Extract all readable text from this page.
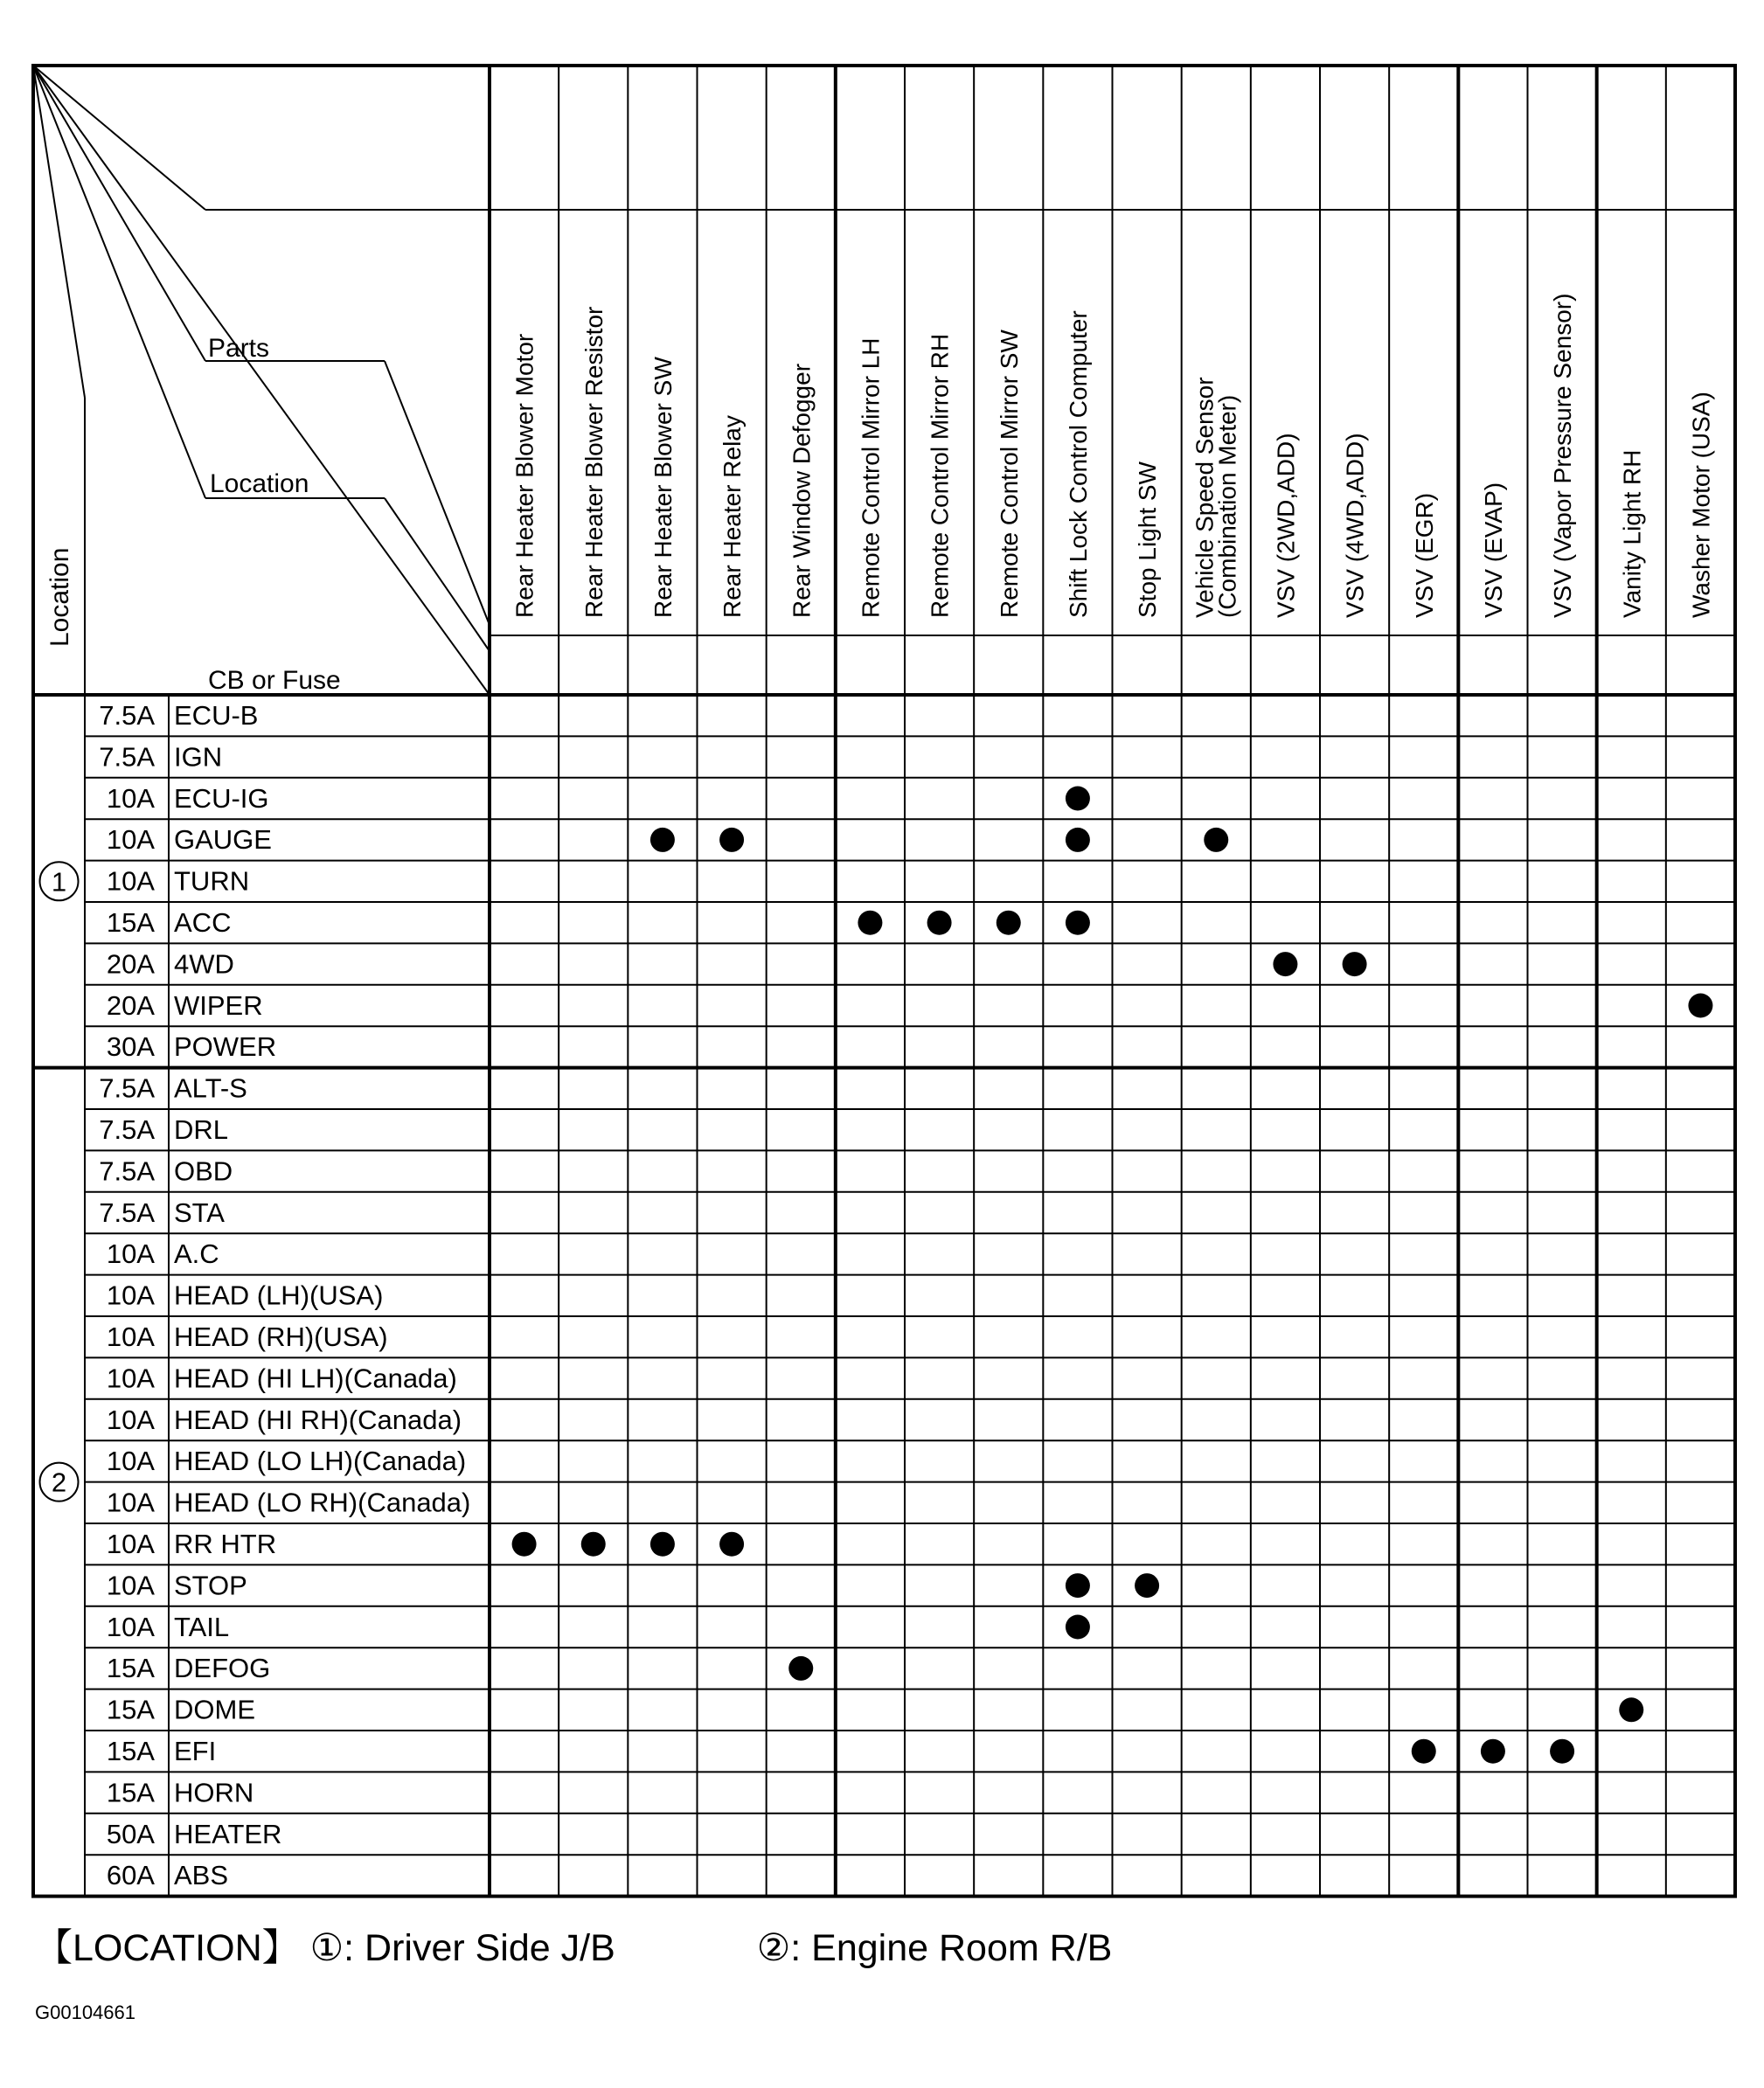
Parts
Location
CB or Fuse
Location	Rear Heater Blower Motor Rear Heater Blower Resistor Rear Heater Blower SW Rear Heater Relay Rear Window Defogger Remote Control Mirror LH Remote Control Mirror RH Remote Control Mirror SW Shift Lock Control Computer Stop Light SW Vehicle Speed Sensor(Combination Meter) VSV (2WD,ADD) VSV (4WD,ADD) VSV (EGR) VSV (EVAP) VSV (Vapor Pressure Sensor) Vanity Light RH Washer Motor (USA)
1
2
7.5A ECU-B
7.5A IGN
10A ECU-IG
10A GAUGE
10A TURN
15A ACC
20A 4WD
20A WIPER
30A POWER
7.5A ALT-S
7.5A DRL
7.5A OBD
7.5A STA
10A A.C
10A HEAD (LH)(USA)
10A HEAD (RH)(USA)
10A HEAD (HI LH)(Canada)
10A HEAD (HI RH)(Canada)
10A HEAD (LO LH)(Canada)
10A HEAD (LO RH)(Canada)
10A RR HTR
10A STOP
10A TAIL
15A DEFOG
15A DOME
15A EFI
15A HORN
50A HEATER
60A ABS
【LOCATION】 ①: Driver Side J/B	②: Engine Room R/B
G00104661
